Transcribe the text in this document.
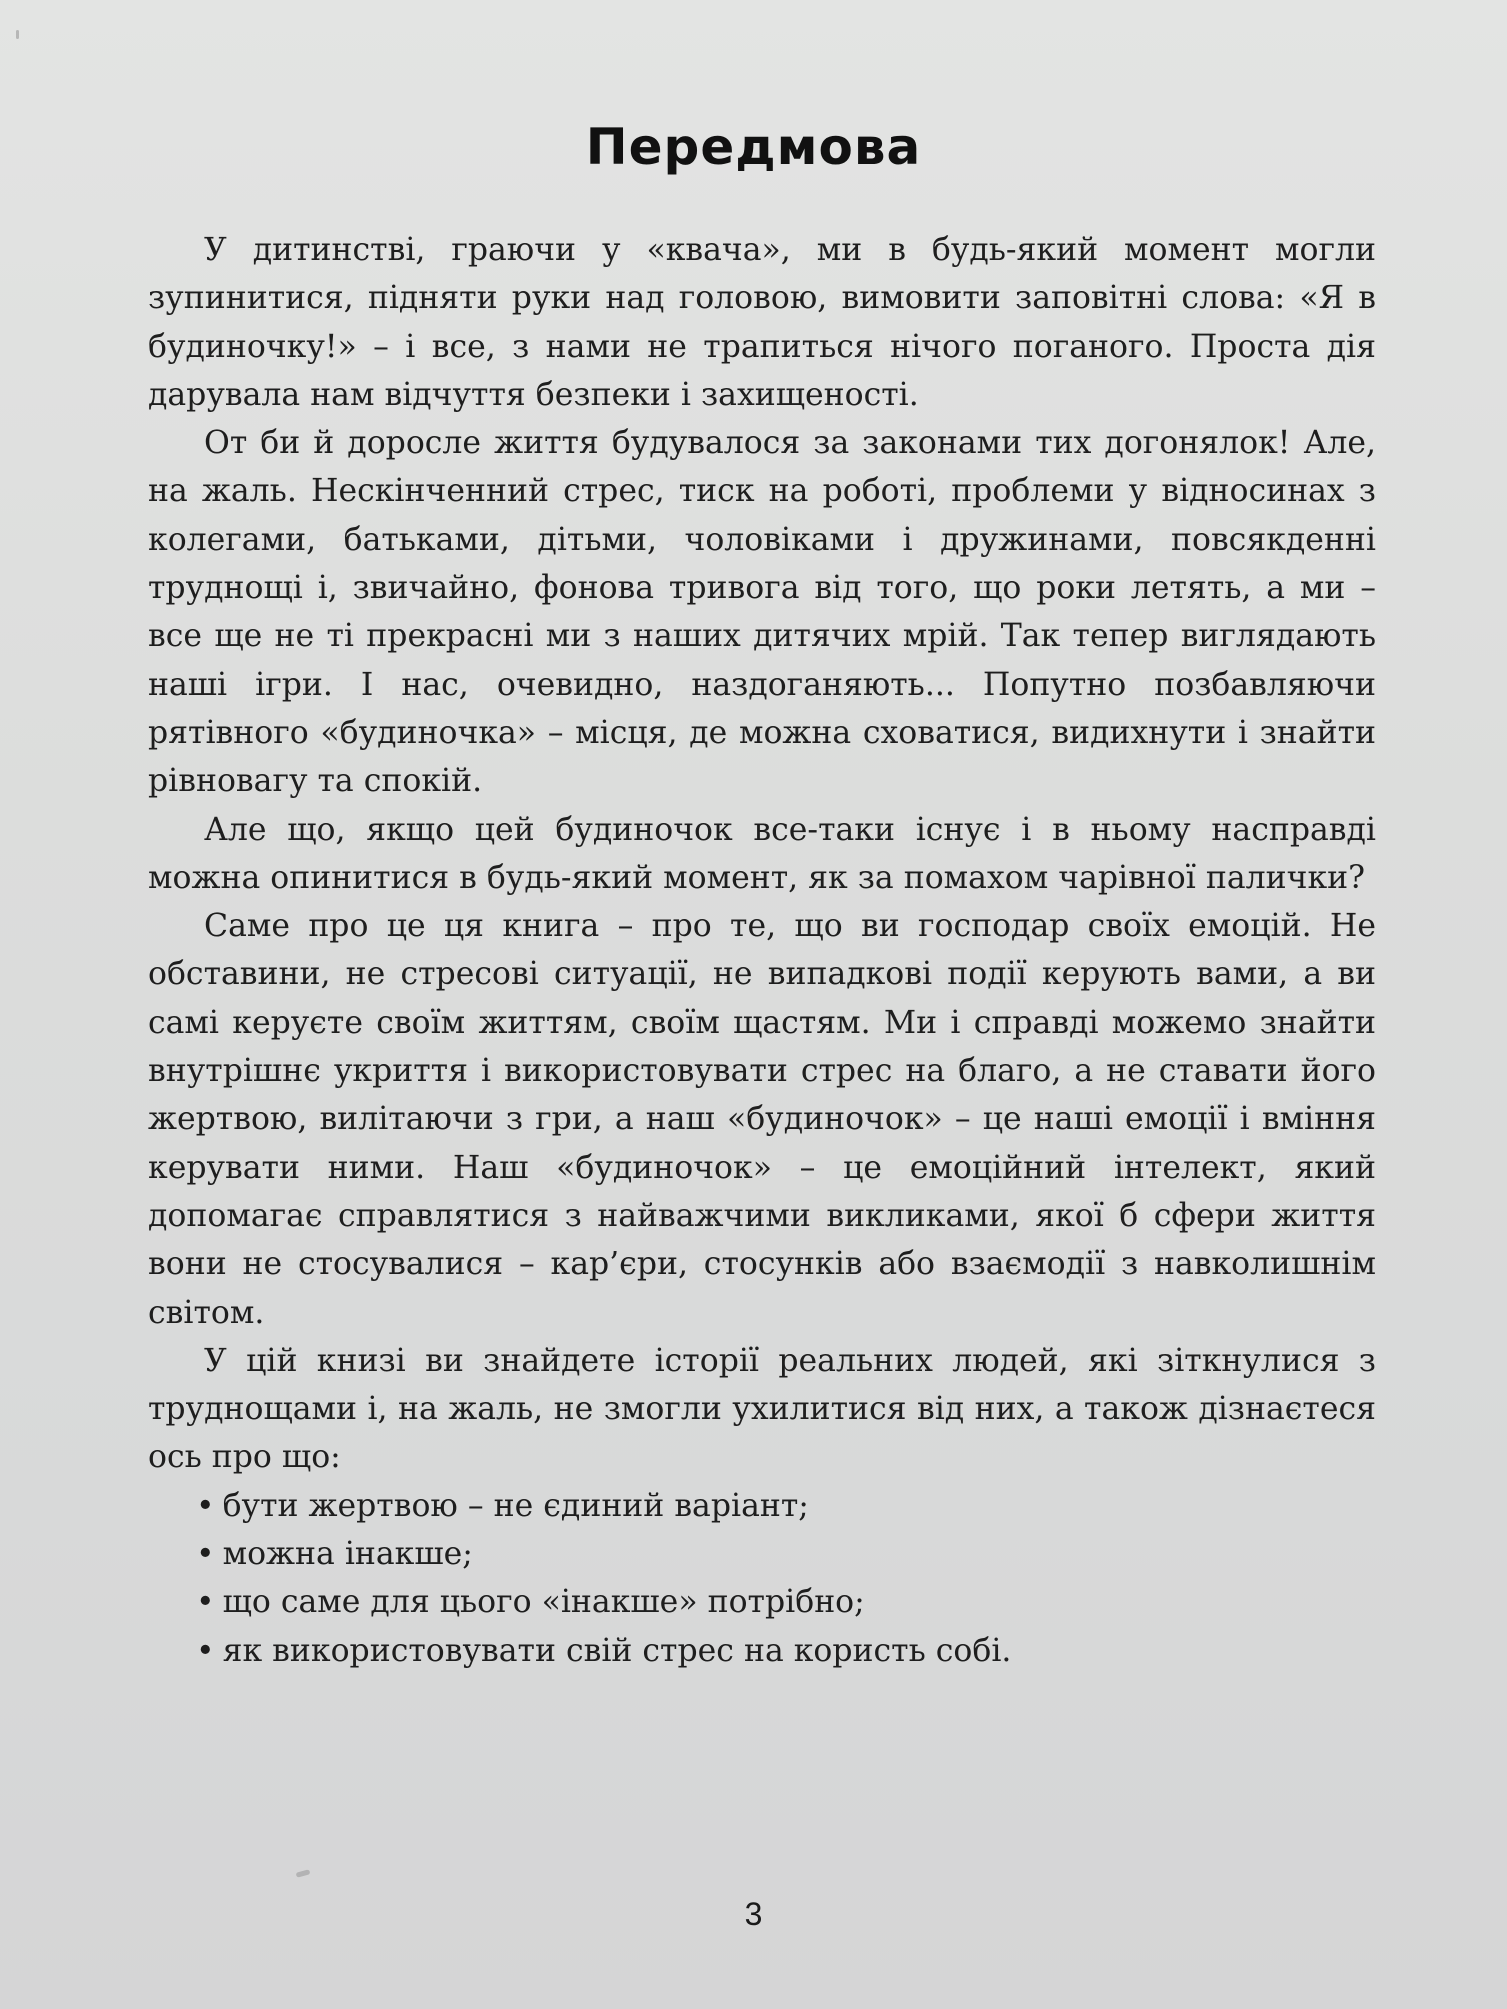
Передмова

У дитинстві, граючи у «квача», ми в будь-який момент могли зупинитися, підняти руки над головою, вимовити заповітні слова: «Я в будиночку!» – і все, з нами не трапиться нічого поганого. Проста дія дарувала нам відчуття безпеки і захищеності.

От би й доросле життя будувалося за законами тих догонялок! Але, на жаль. Нескінченний стрес, тиск на роботі, проблеми у відносинах з колегами, батьками, дітьми, чоловіками і дружинами, повсякденні труднощі і, звичайно, фонова тривога від того, що роки летять, а ми – все ще не ті прекрасні ми з наших дитячих мрій. Так тепер виглядають наші ігри. І нас, очевидно, наздоганяють... Попутно позбавляючи рятівного «будиночка» – місця, де можна сховатися, видихнути і знайти рівновагу та спокій.

Але що, якщо цей будиночок все-таки існує і в ньому насправді можна опинитися в будь-який момент, як за помахом чарівної палички?

Саме про це ця книга – про те, що ви господар своїх емоцій. Не обставини, не стресові ситуації, не випадкові події керують вами, а ви самі керуєте своїм життям, своїм щастям. Ми і справді можемо знайти внутрішнє укриття і використовувати стрес на благо, а не ставати його жертвою, вилітаючи з гри, а наш «будиночок» – це наші емоції і вміння керувати ними. Наш «будиночок» – це емоційний інтелект, який допомагає справлятися з найважчими викликами, якої б сфери життя вони не стосувалися – кар’єри, стосунків або взаємодії з навколишнім світом.

У цій книзі ви знайдете історії реальних людей, які зіткнулися з труднощами і, на жаль, не змогли ухилитися від них, а також дізнаєтеся ось про що:

• бути жертвою – не єдиний варіант;
• можна інакше;
• що саме для цього «інакше» потрібно;
• як використовувати свій стрес на користь собі.
3
